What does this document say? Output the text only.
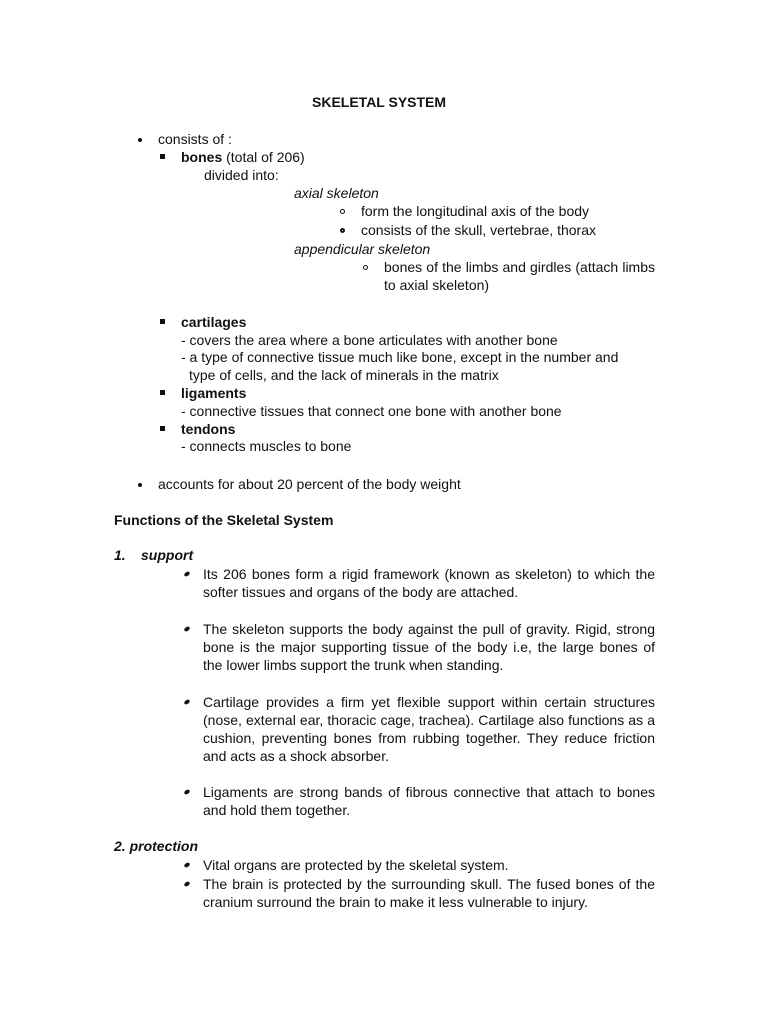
SKELETAL SYSTEM
consists of :
bones (total of 206)
divided into:
axial skeleton
form the longitudinal axis of the body
consists of the skull, vertebrae, thorax
appendicular skeleton
bones of the limbs and girdles (attach limbs to axial skeleton)
cartilages
- covers the area where a bone articulates with another bone
- a type of connective tissue much like bone, except in the number and
type of cells, and the lack of minerals in the matrix
ligaments
- connective tissues that connect one bone with another bone
tendons
- connects muscles to bone
accounts for about 20 percent of the body weight
Functions of the Skeletal System
1. support
Its 206 bones form a rigid framework (known as skeleton) to which the softer tissues and organs of the body are attached.
The skeleton supports the body against the pull of gravity. Rigid, strong bone is the major supporting tissue of the body i.e, the large bones of the lower limbs support the trunk when standing.
Cartilage provides a firm yet flexible support within certain structures (nose, external ear, thoracic cage, trachea). Cartilage also functions as a cushion, preventing bones from rubbing together. They reduce friction and acts as a shock absorber.
Ligaments are strong bands of fibrous connective that attach to bones and hold them together.
2. protection
Vital organs are protected by the skeletal system.
The brain is protected by the surrounding skull. The fused bones of the cranium surround the brain to make it less vulnerable to injury.
